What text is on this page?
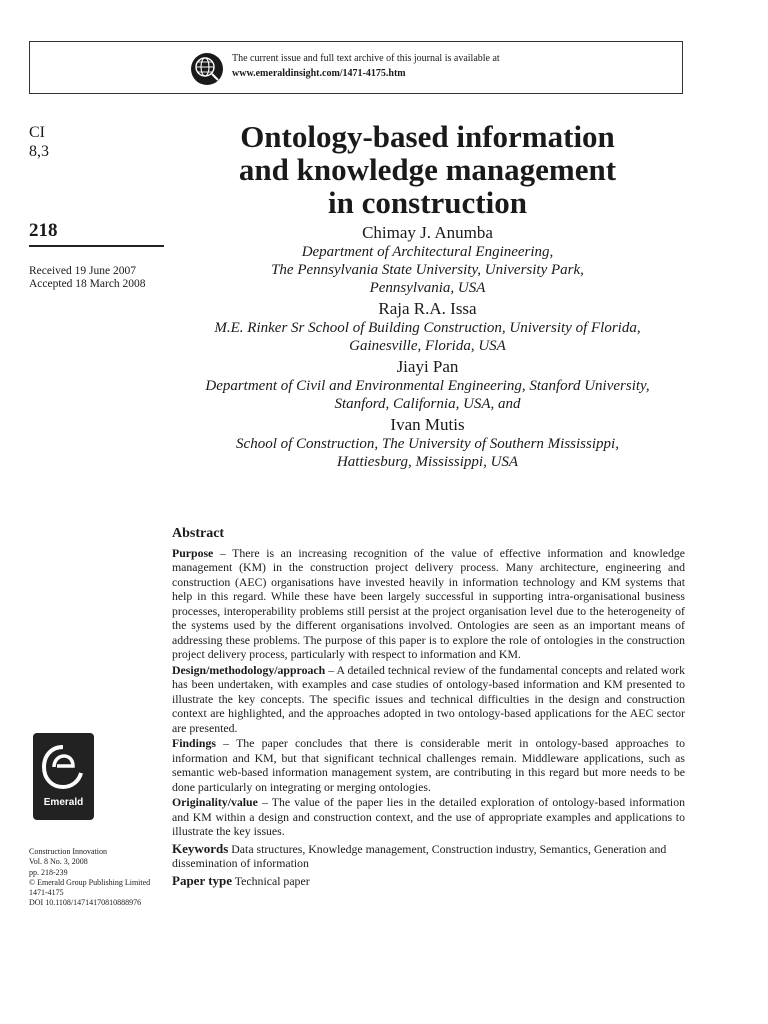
The current issue and full text archive of this journal is available at
www.emeraldinsight.com/1471-4175.htm
CI
8,3
218
Received 19 June 2007
Accepted 18 March 2008
Ontology-based information
and knowledge management
in construction
Chimay J. Anumba
Department of Architectural Engineering,
The Pennsylvania State University, University Park,
Pennsylvania, USA
Raja R.A. Issa
M.E. Rinker Sr School of Building Construction, University of Florida,
Gainesville, Florida, USA
Jiayi Pan
Department of Civil and Environmental Engineering, Stanford University,
Stanford, California, USA, and
Ivan Mutis
School of Construction, The University of Southern Mississippi,
Hattiesburg, Mississippi, USA
Abstract

Purpose – There is an increasing recognition of the value of effective information and knowledge management (KM) in the construction project delivery process. Many architecture, engineering and construction (AEC) organisations have invested heavily in information technology and KM systems that help in this regard. While these have been largely successful in supporting intra-organisational business processes, interoperability problems still persist at the project organisation level due to the heterogeneity of the systems used by the different organisations involved. Ontologies are seen as an important means of addressing these problems. The purpose of this paper is to explore the role of ontologies in the construction project delivery process, particularly with respect to information and KM.

Design/methodology/approach – A detailed technical review of the fundamental concepts and related work has been undertaken, with examples and case studies of ontology-based information and KM presented to illustrate the key concepts. The specific issues and technical difficulties in the design and construction context are highlighted, and the approaches adopted in two ontology-based applications for the AEC sector are presented.

Findings – The paper concludes that there is considerable merit in ontology-based approaches to information and KM, but that significant technical challenges remain. Middleware applications, such as semantic web-based information management system, are contributing in this regard but more needs to be done particularly on integrating or merging ontologies.

Originality/value – The value of the paper lies in the detailed exploration of ontology-based information and KM within a design and construction context, and the use of appropriate examples and applications to illustrate the key issues.

Keywords Data structures, Knowledge management, Construction industry, Semantics, Generation and dissemination of information

Paper type Technical paper

Emerald
Construction Innovation
Vol. 8 No. 3, 2008
pp. 218-239
© Emerald Group Publishing Limited
1471-4175
DOI 10.1108/14714170810888976
